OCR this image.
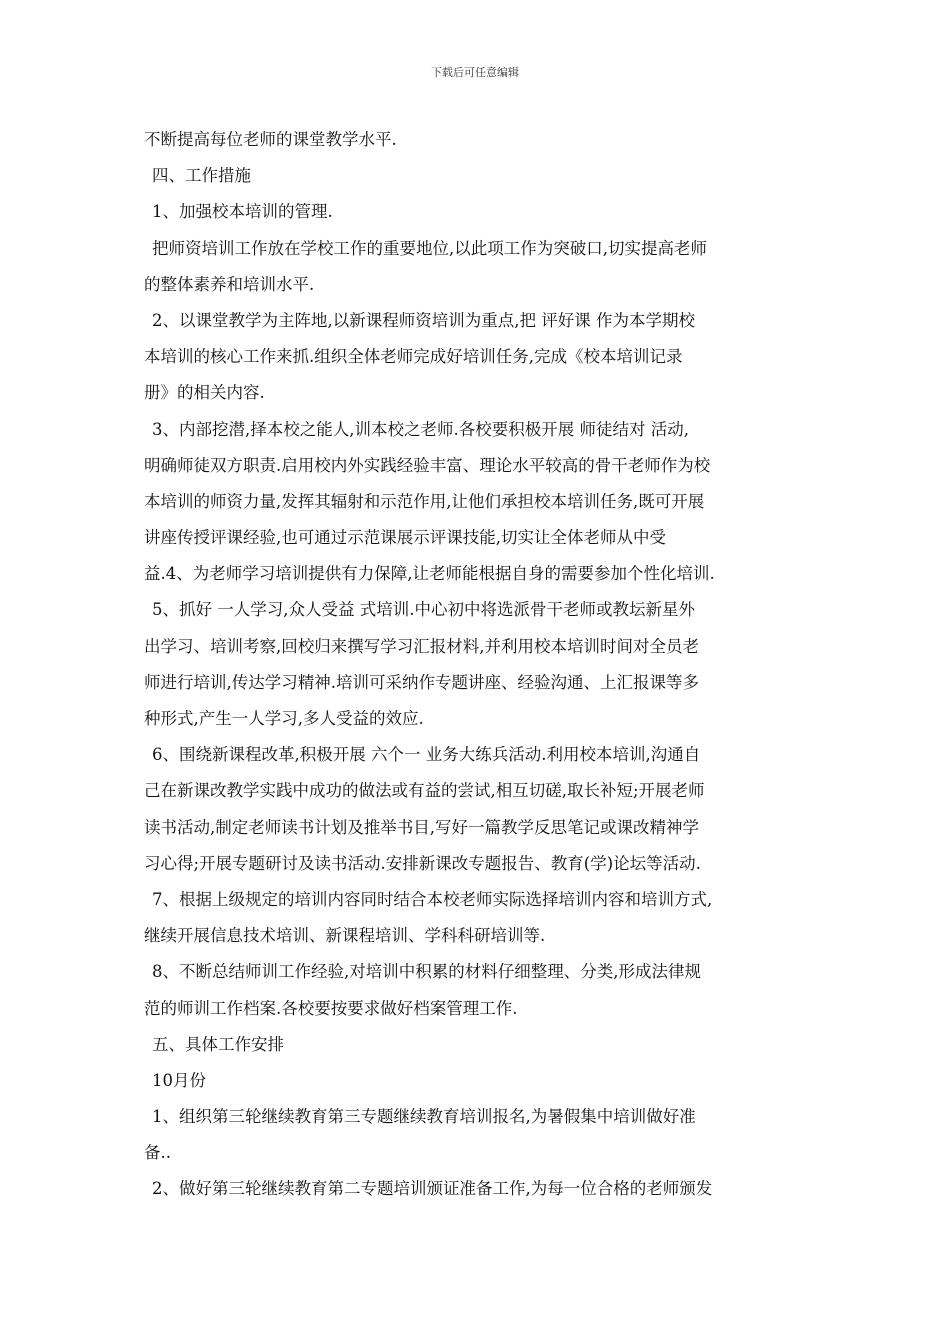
下载后可任意编辑
不断提高每位老师的课堂教学水平.
四、工作措施
1、加强校本培训的管理.
把师资培训工作放在学校工作的重要地位,以此项工作为突破口,切实提高老师
的整体素养和培训水平.
2、以课堂教学为主阵地,以新课程师资培训为重点,把 评好课 作为本学期校
本培训的核心工作来抓.组织全体老师完成好培训任务,完成《校本培训记录
册》的相关内容.
3、内部挖潜,择本校之能人,训本校之老师.各校要积极开展 师徒结对 活动,
明确师徒双方职责.启用校内外实践经验丰富、理论水平较高的骨干老师作为校
本培训的师资力量,发挥其辐射和示范作用,让他们承担校本培训任务,既可开展
讲座传授评课经验,也可通过示范课展示评课技能,切实让全体老师从中受
益.4、为老师学习培训提供有力保障,让老师能根据自身的需要参加个性化培训.
5、抓好 一人学习,众人受益 式培训.中心初中将选派骨干老师或教坛新星外
出学习、培训考察,回校归来撰写学习汇报材料,并利用校本培训时间对全员老
师进行培训,传达学习精神.培训可采纳作专题讲座、经验沟通、上汇报课等多
种形式,产生一人学习,多人受益的效应.
6、围绕新课程改革,积极开展 六个一 业务大练兵活动.利用校本培训,沟通自
己在新课改教学实践中成功的做法或有益的尝试,相互切磋,取长补短;开展老师
读书活动,制定老师读书计划及推举书目,写好一篇教学反思笔记或课改精神学
习心得;开展专题研讨及读书活动.安排新课改专题报告、教育(学)论坛等活动.
7、根据上级规定的培训内容同时结合本校老师实际选择培训内容和培训方式,
继续开展信息技术培训、新课程培训、学科科研培训等.
8、不断总结师训工作经验,对培训中积累的材料仔细整理、分类,形成法律规
范的师训工作档案.各校要按要求做好档案管理工作.
五、具体工作安排
10月份
1、组织第三轮继续教育第三专题继续教育培训报名,为暑假集中培训做好准
备..
2、做好第三轮继续教育第二专题培训颁证准备工作,为每一位合格的老师颁发
